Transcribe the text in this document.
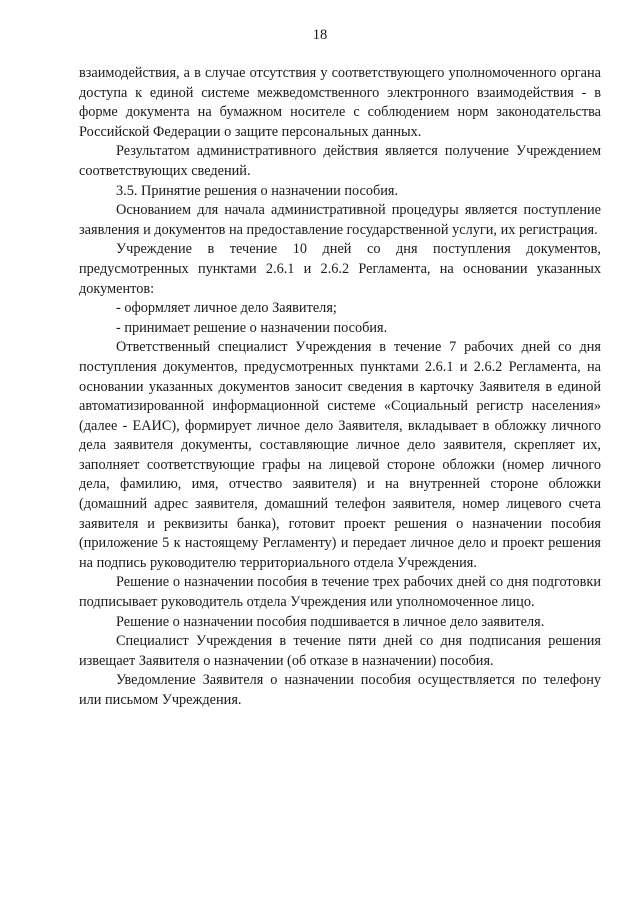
18

взаимодействия, а в случае отсутствия у соответствующего уполномоченного органа доступа к единой системе межведомственного электронного взаимодействия - в форме документа на бумажном носителе с соблюдением норм законодательства Российской Федерации о защите персональных данных.

Результатом административного действия является получение Учреждением соответствующих сведений.

3.5. Принятие решения о назначении пособия.

Основанием для начала административной процедуры является поступление заявления и документов на предоставление государственной услуги, их регистрация.

Учреждение в течение 10 дней со дня поступления документов, предусмотренных пунктами 2.6.1 и 2.6.2 Регламента, на основании указанных документов:

- оформляет личное дело Заявителя;

- принимает решение о назначении пособия.

Ответственный специалист Учреждения в течение 7 рабочих дней со дня поступления документов, предусмотренных пунктами 2.6.1 и 2.6.2 Регламента, на основании указанных документов заносит сведения в карточку Заявителя в единой автоматизированной информационной системе «Социальный регистр населения» (далее - ЕАИС), формирует личное дело Заявителя, вкладывает в обложку личного дела заявителя документы, составляющие личное дело заявителя, скрепляет их, заполняет соответствующие графы на лицевой стороне обложки (номер личного дела, фамилию, имя, отчество заявителя) и на внутренней стороне обложки (домашний адрес заявителя, домашний телефон заявителя, номер лицевого счета заявителя и реквизиты банка), готовит проект решения о назначении пособия (приложение 5 к настоящему Регламенту) и передает личное дело и проект решения на подпись руководителю территориального отдела Учреждения.

Решение о назначении пособия в течение трех рабочих дней со дня подготовки подписывает руководитель отдела Учреждения или уполномоченное лицо.

Решение о назначении пособия подшивается в личное дело заявителя.

Специалист Учреждения в течение пяти дней со дня подписания решения извещает Заявителя о назначении (об отказе в назначении) пособия.

Уведомление Заявителя о назначении пособия осуществляется по телефону или письмом Учреждения.
